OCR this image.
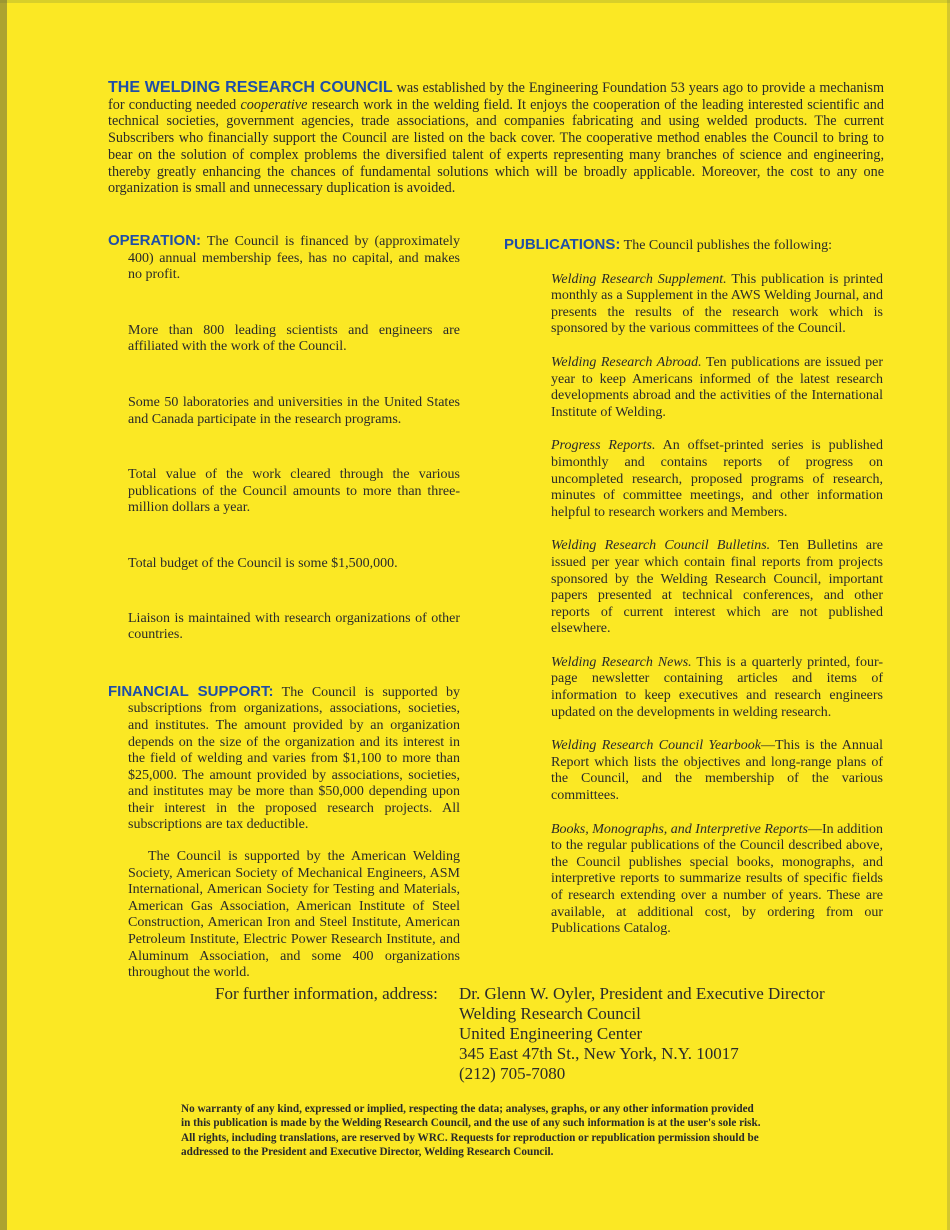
THE WELDING RESEARCH COUNCIL was established by the Engineering Foundation 53 years ago to provide a mechanism for conducting needed cooperative research work in the welding field. It enjoys the cooperation of the leading interested scientific and technical societies, government agencies, trade associations, and companies fabricating and using welded products. The current Subscribers who financially support the Council are listed on the back cover. The cooperative method enables the Council to bring to bear on the solution of complex problems the diversified talent of experts representing many branches of science and engineering, thereby greatly enhancing the chances of fundamental solutions which will be broadly applicable. Moreover, the cost to any one organization is small and unnecessary duplication is avoided.

OPERATION: The Council is financed by (approximately 400) annual membership fees, has no capital, and makes no profit.

More than 800 leading scientists and engineers are affiliated with the work of the Council.

Some 50 laboratories and universities in the United States and Canada participate in the research programs.

Total value of the work cleared through the various publications of the Council amounts to more than three-million dollars a year.

Total budget of the Council is some $1,500,000.

Liaison is maintained with research organizations of other countries.

FINANCIAL SUPPORT: The Council is supported by subscriptions from organizations, associations, societies, and institutes. The amount provided by an organization depends on the size of the organization and its interest in the field of welding and varies from $1,100 to more than $25,000. The amount provided by associations, societies, and institutes may be more than $50,000 depending upon their interest in the proposed research projects. All subscriptions are tax deductible.

The Council is supported by the American Welding Society, American Society of Mechanical Engineers, ASM International, American Society for Testing and Materials, American Gas Association, American Institute of Steel Construction, American Iron and Steel Institute, American Petroleum Institute, Electric Power Research Institute, and Aluminum Association, and some 400 organizations throughout the world.

PUBLICATIONS: The Council publishes the following:

Welding Research Supplement. This publication is printed monthly as a Supplement in the AWS Welding Journal, and presents the results of the research work which is sponsored by the various committees of the Council.

Welding Research Abroad. Ten publications are issued per year to keep Americans informed of the latest research developments abroad and the activities of the International Institute of Welding.

Progress Reports. An offset-printed series is published bimonthly and contains reports of progress on uncompleted research, proposed programs of research, minutes of committee meetings, and other information helpful to research workers and Members.

Welding Research Council Bulletins. Ten Bulletins are issued per year which contain final reports from projects sponsored by the Welding Research Council, important papers presented at technical conferences, and other reports of current interest which are not published elsewhere.

Welding Research News. This is a quarterly printed, four-page newsletter containing articles and items of information to keep executives and research engineers updated on the developments in welding research.

Welding Research Council Yearbook—This is the Annual Report which lists the objectives and long-range plans of the Council, and the membership of the various committees.

Books, Monographs, and Interpretive Reports—In addition to the regular publications of the Council described above, the Council publishes special books, monographs, and interpretive reports to summarize results of specific fields of research extending over a number of years. These are available, at additional cost, by ordering from our Publications Catalog.

For further information, address:	Dr. Glenn W. Oyler, President and Executive Director
Welding Research Council
United Engineering Center
345 East 47th St., New York, N.Y. 10017
(212) 705-7080
No warranty of any kind, expressed or implied, respecting the data; analyses, graphs, or any other information provided
in this publication is made by the Welding Research Council, and the use of any such information is at the user's sole risk.
All rights, including translations, are reserved by WRC. Requests for reproduction or republication permission should be
addressed to the President and Executive Director, Welding Research Council.
